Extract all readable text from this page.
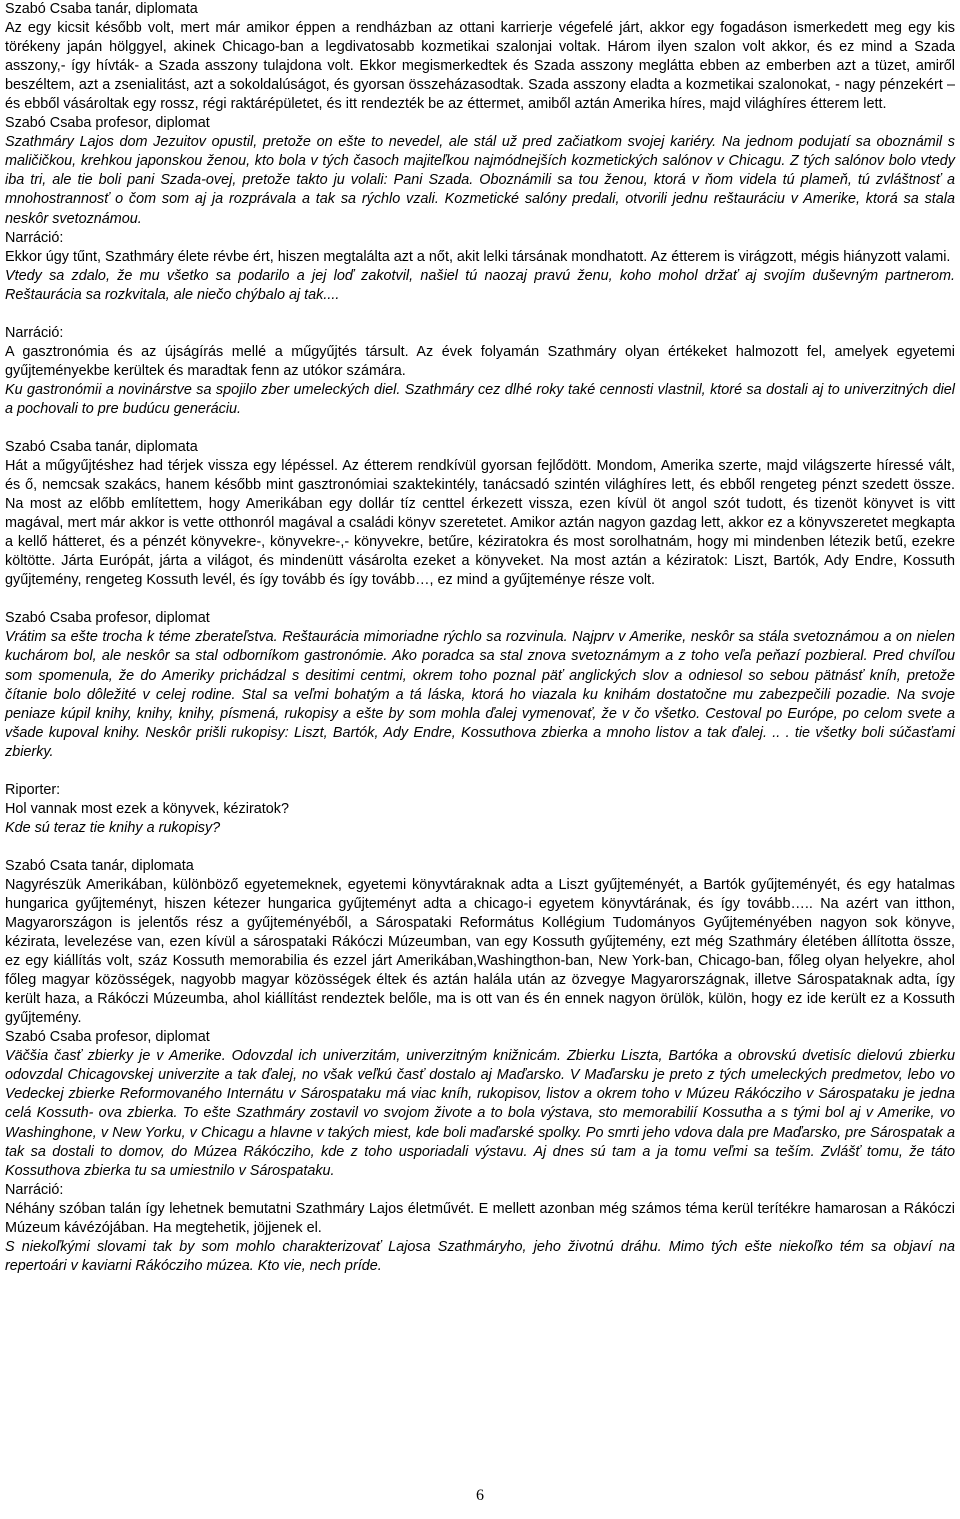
Szabó Csaba tanár, diplomata

Az egy kicsit később volt, mert már amikor éppen a rendházban az ottani karrierje végefelé járt, akkor egy fogadáson ismerkedett meg egy kis törékeny japán hölggyel, akinek Chicago-ban a legdivatosabb kozmetikai szalonjai voltak. Három ilyen szalon volt akkor, és ez mind a Szada asszony,- így hívták- a Szada asszony tulajdona volt. Ekkor megismerkedtek és Szada asszony meglátta ebben az emberben azt a tüzet, amiről beszéltem, azt a zsenialitást, azt a sokoldalúságot, és gyorsan összeházasodtak. Szada asszony eladta a kozmetikai szalonokat, - nagy pénzekért – és ebből vásároltak egy rossz, régi raktárépületet, és itt rendezték be az éttermet, amiből aztán Amerika híres, majd világhíres étterem lett.

Szabó Csaba profesor, diplomat

Szathmáry Lajos dom Jezuitov opustil, pretože on ešte to nevedel, ale stál už pred začiatkom svojej kariéry. Na jednom podujatí sa oboznámil s maličičkou, krehkou japonskou ženou, kto bola v tých časoch majiteľkou najmódnejších kozmetických salónov v Chicagu. Z tých salónov bolo vtedy iba tri, ale tie boli pani Szada-ovej, pretože takto ju volali: Pani Szada. Oboznámili sa tou ženou, ktorá v ňom videla tú plameň, tú zvláštnosť a mnohostrannosť o čom som aj ja rozprávala a tak sa rýchlo vzali. Kozmetické salóny predali, otvorili jednu reštauráciu v Amerike, ktorá sa stala neskôr svetoznámou.

Narráció:

Ekkor úgy tűnt, Szathmáry élete révbe ért, hiszen megtalálta azt a nőt, akit lelki társának mondhatott. Az étterem is virágzott, mégis hiányzott valami.

Vtedy sa zdalo, že mu všetko sa podarilo a jej loď zakotvil, našiel tú naozaj pravú ženu, koho mohol držať aj svojím duševným partnerom. Reštaurácia sa rozkvitala, ale niečo chýbalo aj tak....

Narráció:

A gasztronómia és az újságírás mellé a műgyűjtés társult. Az évek folyamán Szathmáry olyan értékeket halmozott fel, amelyek egyetemi gyűjteményekbe kerültek és maradtak fenn az utókor számára.

Ku gastronómii a novinárstve sa spojilo zber umeleckých diel. Szathmáry cez dlhé roky také cennosti vlastnil, ktoré sa dostali aj to univerzitných diel a pochovali to pre budúcu generáciu.

Szabó Csaba tanár, diplomata

Hát a műgyűjtéshez had térjek vissza egy lépéssel. Az étterem rendkívül gyorsan fejlődött. Mondom, Amerika szerte, majd világszerte híressé vált, és ő, nemcsak szakács, hanem később mint gasztronómiai szaktekintély, tanácsadó szintén világhíres lett, és ebből rengeteg pénzt szedett össze. Na most az előbb említettem, hogy Amerikában egy dollár tíz centtel érkezett vissza, ezen kívül öt angol szót tudott, és tizenöt könyvet is vitt magával, mert már akkor is vette otthonról magával a családi könyv szeretetet. Amikor aztán nagyon gazdag lett, akkor ez a könyvszeretet megkapta a kellő hátteret, és a pénzét könyvekre-, könyvekre-,- könyvekre, betűre, kéziratokra és most sorolhatnám, hogy mi mindenben létezik betű, ezekre költötte. Járta Európát, járta a világot, és mindenütt vásárolta ezeket a könyveket. Na most aztán a kéziratok: Liszt, Bartók, Ady Endre, Kossuth gyűjtemény, rengeteg Kossuth levél, és így tovább és így tovább…, ez mind a gyűjteménye része volt.

Szabó Csaba profesor, diplomat

Vrátim sa ešte trocha k téme zberateľstva. Reštaurácia mimoriadne rýchlo sa rozvinula. Najprv v Amerike, neskôr sa stála svetoznámou a on nielen kuchárom bol, ale neskôr sa stal odborníkom gastronómie. Ako poradca sa stal znova svetoznámym a z toho veľa peňazí pozbieral. Pred chvíľou som spomenula, že do Ameriky prichádzal s desitimi centmi, okrem toho poznal päť anglických slov a odniesol so sebou pätnásť kníh, pretože čítanie bolo dôležité v celej rodine. Stal sa veľmi bohatým a tá láska, ktorá ho viazala ku knihám dostatočne mu zabezpečili pozadie. Na svoje peniaze kúpil knihy, knihy, knihy, písmená, rukopisy a ešte by som mohla ďalej vymenovať, že v čo všetko. Cestoval po Európe, po celom svete a všade kupoval knihy. Neskôr prišli rukopisy: Liszt, Bartók, Ady Endre, Kossuthova zbierka a mnoho listov a tak ďalej. .. . tie všetky boli súčasťami zbierky.

Riporter:

Hol vannak most ezek a könyvek, kéziratok?

Kde sú teraz tie knihy a rukopisy?

Szabó Csata tanár, diplomata

Nagyrészük Amerikában, különböző egyetemeknek, egyetemi könyvtáraknak adta a Liszt gyűjteményét, a Bartók gyűjteményét, és egy hatalmas hungarica gyűjteményt, hiszen kétezer hungarica gyűjteményt adta a chicago-i egyetem könyvtárának, és így tovább….. Na azért van itthon, Magyarországon is jelentős rész a gyűjteményéből, a Sárospataki Református Kollégium Tudományos Gyűjteményében nagyon sok könyve, kézirata, levelezése van, ezen kívül a sárospataki Rákóczi Múzeumban, van egy Kossuth gyűjtemény, ezt még Szathmáry életében állította össze, ez egy kiállítás volt, száz Kossuth memorabilia és ezzel járt Amerikában,Washingthon-ban, New York-ban, Chicago-ban, főleg olyan helyekre, ahol főleg magyar közösségek, nagyobb magyar közösségek éltek és aztán halála után az özvegye Magyarországnak, illetve Sárospataknak adta, így került haza, a Rákóczi Múzeumba, ahol kiállítást rendeztek belőle, ma is ott van és én ennek nagyon örülök, külön, hogy ez ide került ez a Kossuth gyűjtemény.

Szabó Csaba profesor, diplomat

Väčšia časť zbierky je v Amerike. Odovzdal ich univerzitám, univerzitným knižnicám. Zbierku Liszta, Bartóka a obrovskú dvetisíc dielovú zbierku odovzdal Chicagovskej univerzite a tak ďalej, no však veľkú časť dostalo aj Maďarsko. V Maďarsku je preto z tých umeleckých predmetov, lebo vo Vedeckej zbierke Reformovaného Internátu v Sárospataku má viac kníh, rukopisov, listov a okrem toho v Múzeu Rákócziho v Sárospataku je jedna celá Kossuth- ova zbierka. To ešte Szathmáry zostavil vo svojom živote a to bola výstava, sto memorabilií Kossutha a s tými bol aj v Amerike, vo Washinghone, v New Yorku, v Chicagu a hlavne v takých miest, kde boli maďarské spolky. Po smrti jeho vdova dala pre Maďarsko, pre Sárospatak a tak sa dostali to domov, do Múzea Rákócziho, kde z toho usporiadali výstavu. Aj dnes sú tam a ja tomu veľmi sa teším. Zvlášť tomu, že táto Kossuthova zbierka tu sa umiestnilo v Sárospataku.

Narráció:

Néhány szóban talán így lehetnek bemutatni Szathmáry Lajos életművét. E mellett azonban még számos téma kerül terítékre hamarosan a Rákóczi Múzeum kávézójában. Ha megtehetik, jöjjenek el.

S niekoľkými slovami tak by som mohlo charakterizovať Lajosa Szathmáryho, jeho životnú dráhu. Mimo tých ešte niekoľko tém sa objaví na repertoári v kaviarni Rákócziho múzea. Kto vie, nech príde.

6
